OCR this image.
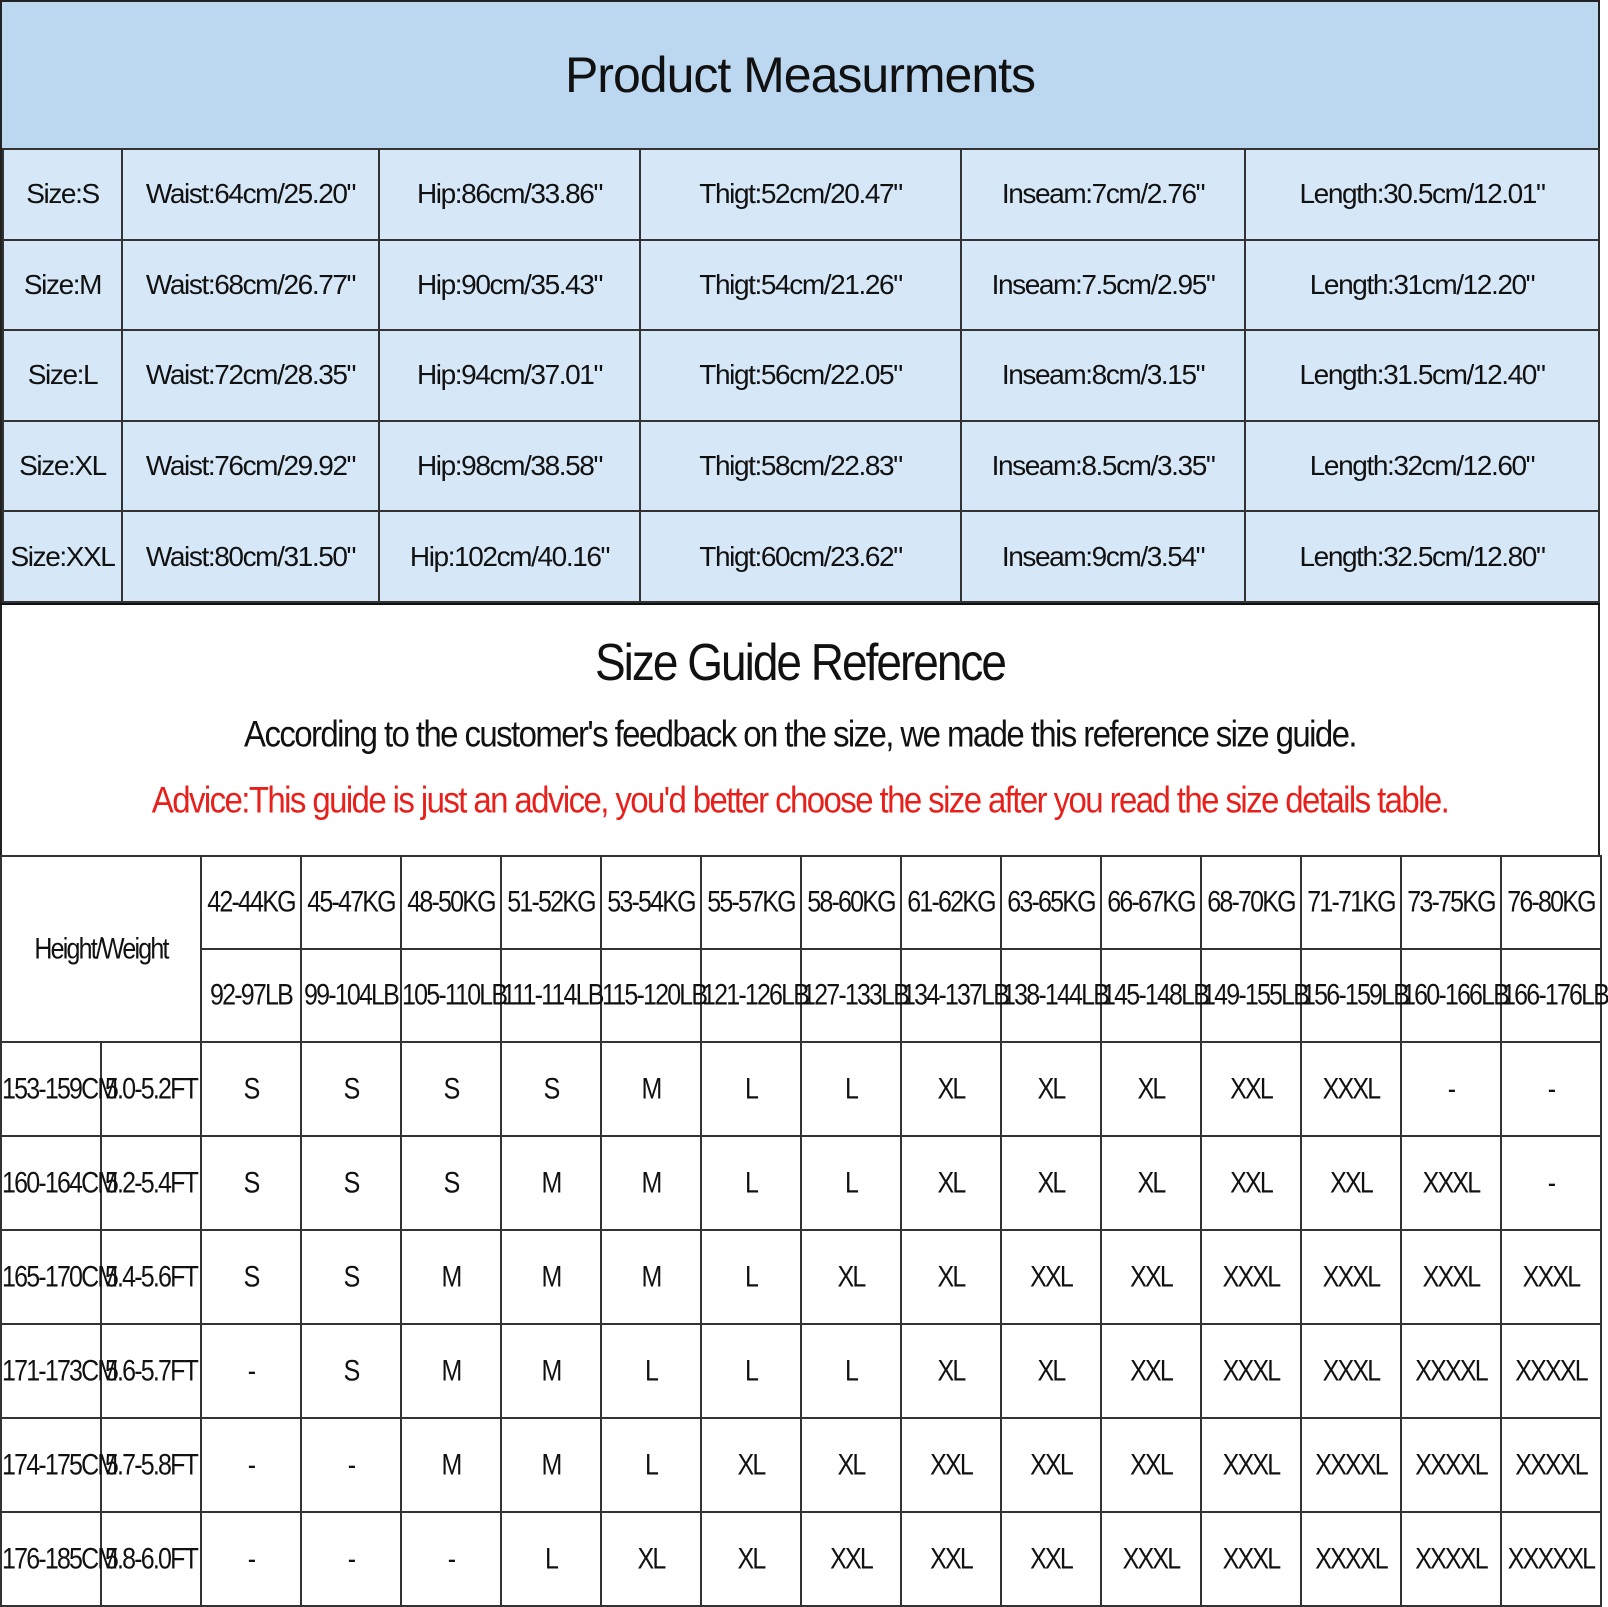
Product Measurments
Size:S	Waist:64cm/25.20"	Hip:86cm/33.86"	Thigt:52cm/20.47"	Inseam:7cm/2.76"	Length:30.5cm/12.01"
Size:M	Waist:68cm/26.77"	Hip:90cm/35.43"	Thigt:54cm/21.26"	Inseam:7.5cm/2.95"	Length:31cm/12.20"
Size:L	Waist:72cm/28.35"	Hip:94cm/37.01"	Thigt:56cm/22.05"	Inseam:8cm/3.15"	Length:31.5cm/12.40"
Size:XL	Waist:76cm/29.92"	Hip:98cm/38.58"	Thigt:58cm/22.83"	Inseam:8.5cm/3.35"	Length:32cm/12.60"
Size:XXL	Waist:80cm/31.50"	Hip:102cm/40.16"	Thigt:60cm/23.62"	Inseam:9cm/3.54"	Length:32.5cm/12.80"
Size Guide Reference
According to the customer's feedback on the size, we made this reference size guide.
Advice:This guide is just an advice, you'd better choose the size after you read the size details table.
Height/Weight		42-44KG	45-47KG	48-50KG	51-52KG	53-54KG	55-57KG	58-60KG	61-62KG	63-65KG	66-67KG	68-70KG	71-71KG	73-75KG	76-80KG
		92-97LB	99-104LB	105-110LB	111-114LB	115-120LB	121-126LB	127-133LB	134-137LB	138-144LB	145-148LB	149-155LB	156-159LB	160-166LB	166-176LB
153-159CM	5.0-5.2FT	S	S	S	S	M	L	L	XL	XL	XL	XXL	XXXL	-	-
160-164CM	5.2-5.4FT	S	S	S	M	M	L	L	XL	XL	XL	XXL	XXL	XXXL	-
165-170CM	5.4-5.6FT	S	S	M	M	M	L	XL	XL	XXL	XXL	XXXL	XXXL	XXXL	XXXL
171-173CM	5.6-5.7FT	-	S	M	M	L	L	L	XL	XL	XXL	XXXL	XXXL	XXXXL	XXXXL
174-175CM	5.7-5.8FT	-	-	M	M	L	XL	XL	XXL	XXL	XXL	XXXL	XXXXL	XXXXL	XXXXL
176-185CM	5.8-6.0FT	-	-	-	L	XL	XL	XXL	XXL	XXL	XXXL	XXXL	XXXXL	XXXXL	XXXXXL
